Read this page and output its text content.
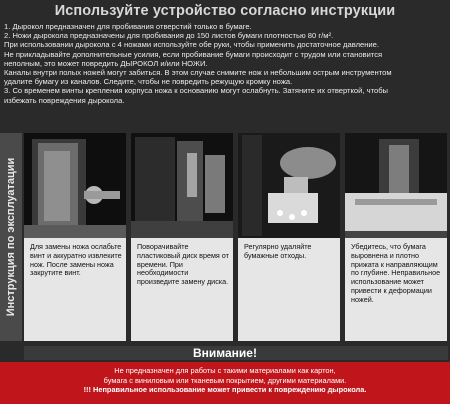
Используйте устройство согласно инструкции
1. Дырокол предназначен для пробивания отверстий только в бумаге.
2. Ножи дырокола предназначены для пробивания до 150 листов бумаги плотностью 80 г/м².
При использовании дырокола с 4 ножами используйте обе руки, чтобы применить достаточное давление.
Не прикладывайте дополнительные усилия, если пробивание бумаги происходит с трудом или становится
неполным, это может повредить ДЫРОКОЛ и/или НОЖИ.
Каналы внутри полых ножей могут забиться. В этом случае снимите нож и небольшим острым инструментом
удалите бумагу из каналов. Следите, чтобы не повредить режущую кромку ножа.
3. Со временем винты крепления корпуса ножа к основанию могут ослабнуть. Затяните их отверткой, чтобы
избежать повреждения дырокола.
Инструкция по эксплуатации Для замены ножа ослабьте винт и аккуратно извлеките нож. После замены ножа закрутите винт.
Поворачивайте пластиковый диск время от времени. При необходимости произведите замену диска.
Регулярно удаляйте бумажные отходы.
Убедитесь, что бумага выровнена и плотно прижата к направляющим по глубине. Неправильное использование может привести к деформации ножей.
Внимание!
Не предназначен для работы с такими материалами как картон,
бумага с виниловым или тканевым покрытием, другими материалами.
!!! Неправильное использование может привести к повреждению дырокола.
